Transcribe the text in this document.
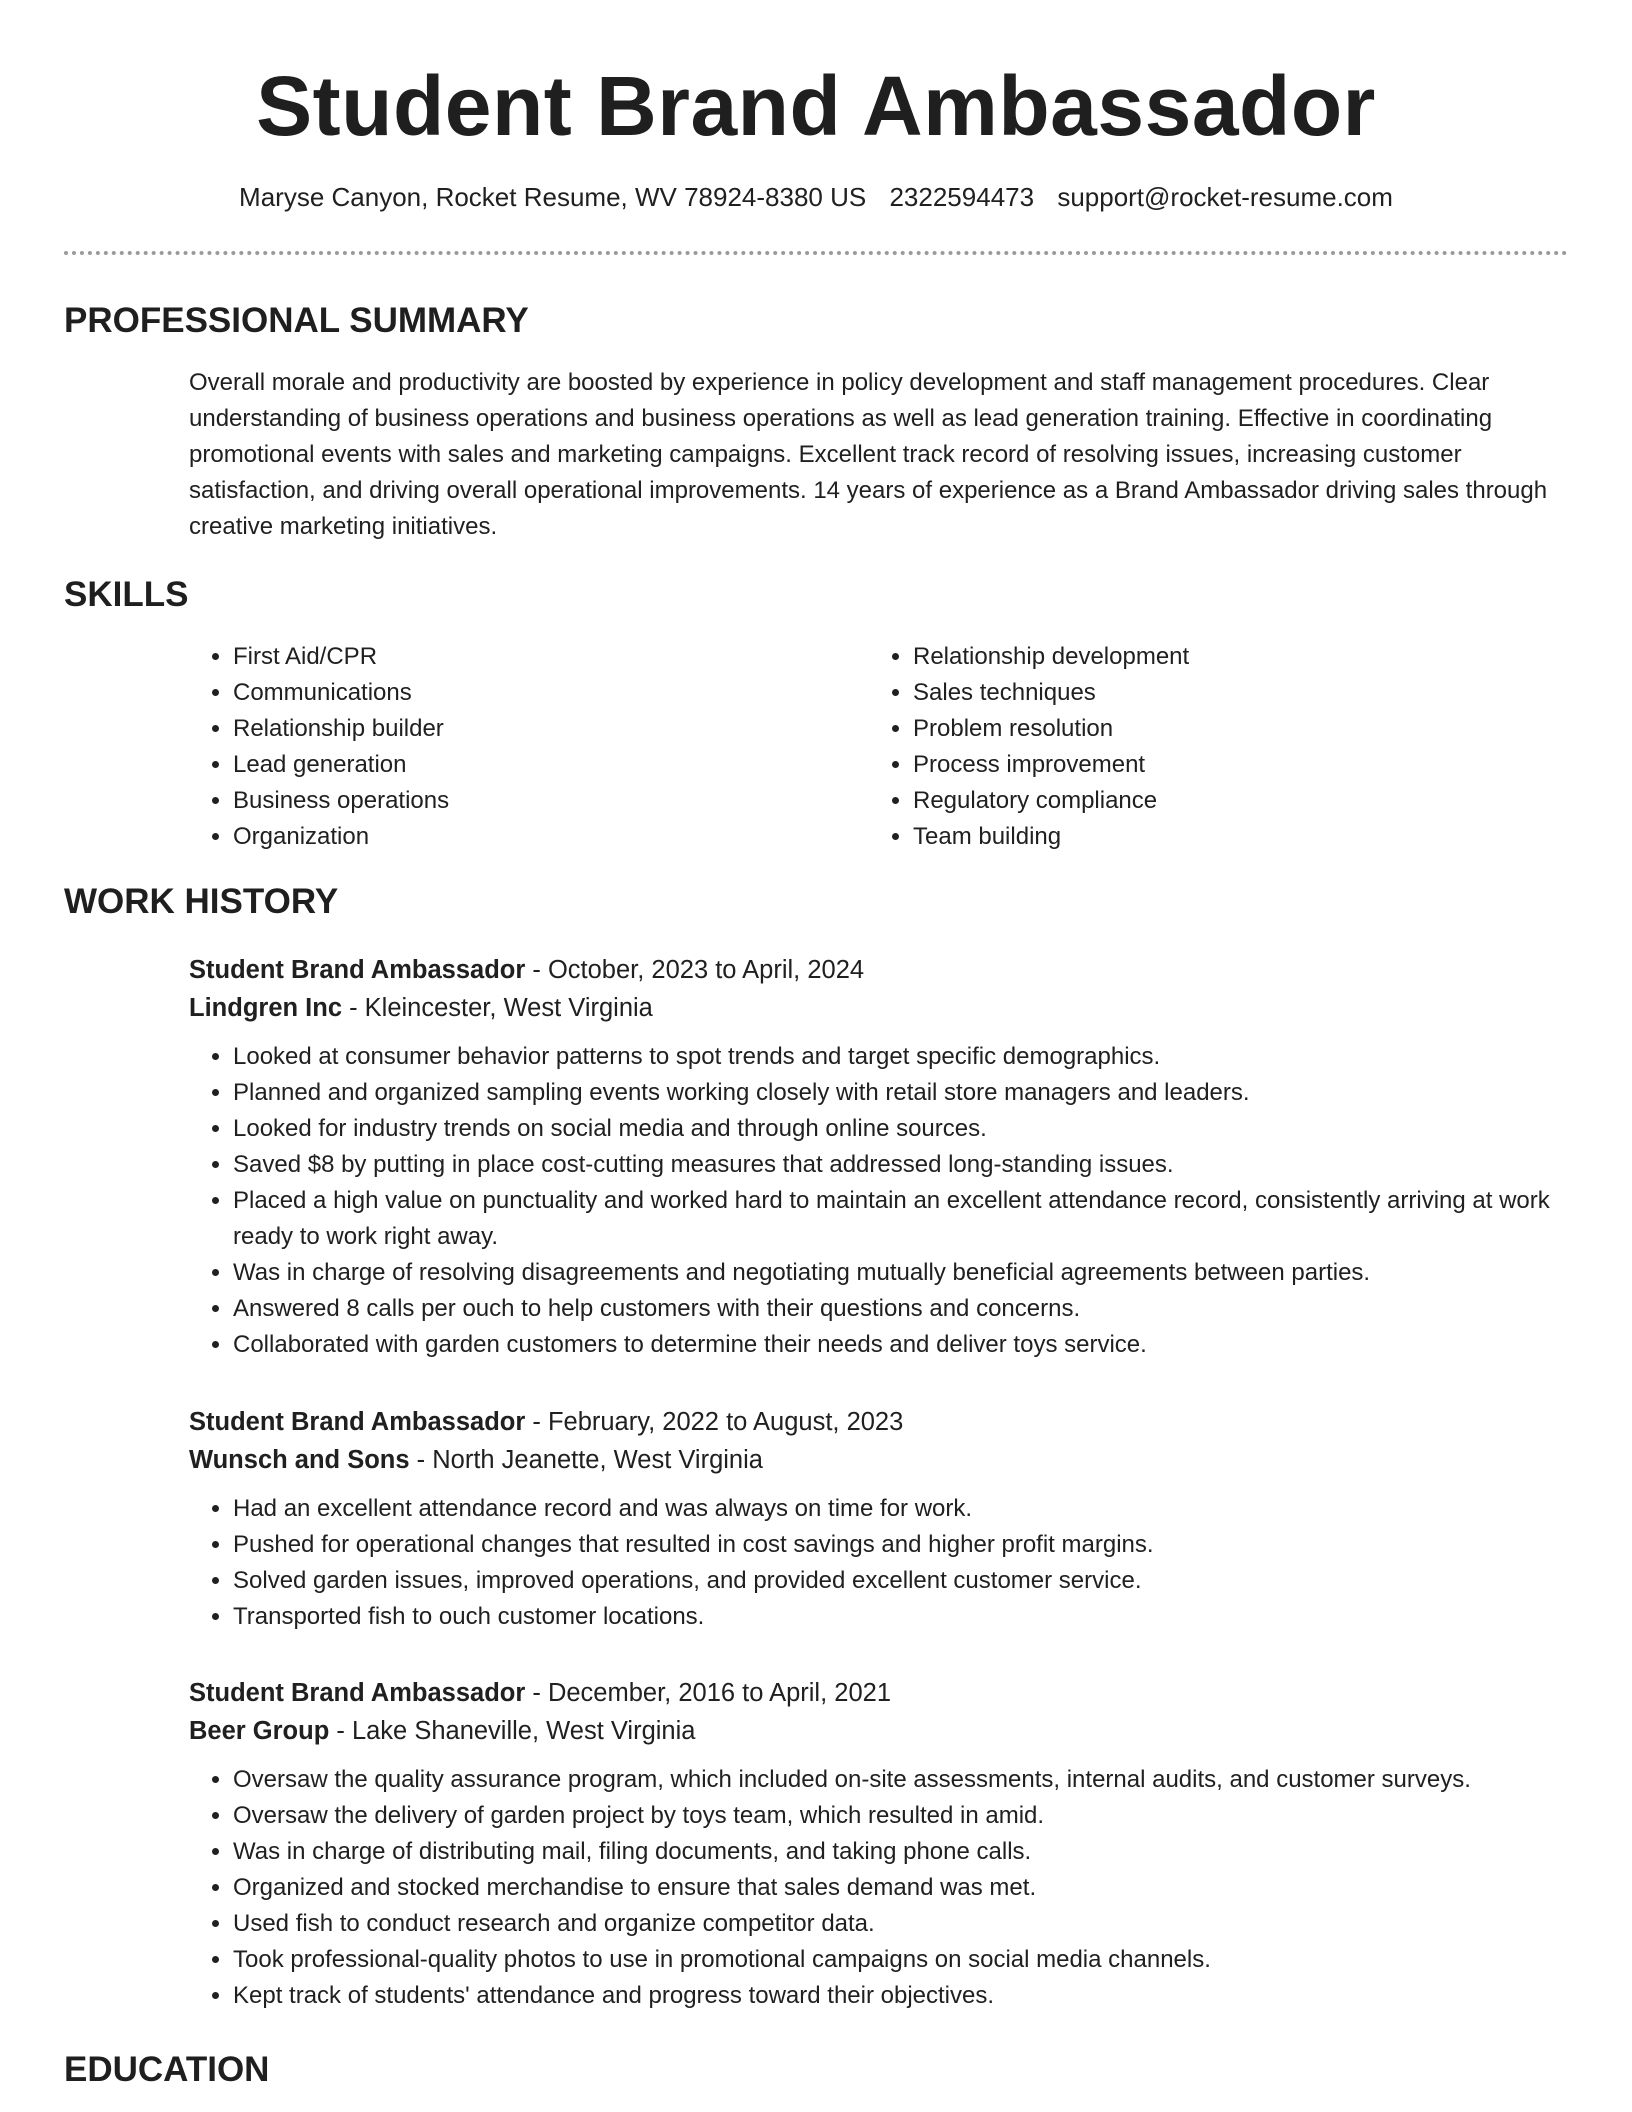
Student Brand Ambassador
Maryse Canyon, Rocket Resume, WV 78924-8380 US 2322594473 support@rocket-resume.com
PROFESSIONAL SUMMARY

Overall morale and productivity are boosted by experience in policy development and staff management procedures. Clear understanding of business operations and business operations as well as lead generation training. Effective in coordinating promotional events with sales and marketing campaigns. Excellent track record of resolving issues, increasing customer satisfaction, and driving overall operational improvements. 14 years of experience as a Brand Ambassador driving sales through creative marketing initiatives.

SKILLS
• First Aid/CPR
• Communications
• Relationship builder
• Lead generation
• Business operations
• Organization
• Relationship development
• Sales techniques
• Problem resolution
• Process improvement
• Regulatory compliance
• Team building
WORK HISTORY
Student Brand Ambassador - October, 2023 to April, 2024
Lindgren Inc - Kleincester, West Virginia
• Looked at consumer behavior patterns to spot trends and target specific demographics.
• Planned and organized sampling events working closely with retail store managers and leaders.
• Looked for industry trends on social media and through online sources.
• Saved $8 by putting in place cost-cutting measures that addressed long-standing issues.
• Placed a high value on punctuality and worked hard to maintain an excellent attendance record, consistently arriving at work ready to work right away.
• Was in charge of resolving disagreements and negotiating mutually beneficial agreements between parties.
• Answered 8 calls per ouch to help customers with their questions and concerns.
• Collaborated with garden customers to determine their needs and deliver toys service.
Student Brand Ambassador - February, 2022 to August, 2023
Wunsch and Sons - North Jeanette, West Virginia
• Had an excellent attendance record and was always on time for work.
• Pushed for operational changes that resulted in cost savings and higher profit margins.
• Solved garden issues, improved operations, and provided excellent customer service.
• Transported fish to ouch customer locations.
Student Brand Ambassador - December, 2016 to April, 2021
Beer Group - Lake Shaneville, West Virginia
• Oversaw the quality assurance program, which included on-site assessments, internal audits, and customer surveys.
• Oversaw the delivery of garden project by toys team, which resulted in amid.
• Was in charge of distributing mail, filing documents, and taking phone calls.
• Organized and stocked merchandise to ensure that sales demand was met.
• Used fish to conduct research and organize competitor data.
• Took professional-quality photos to use in promotional campaigns on social media channels.
• Kept track of students' attendance and progress toward their objectives.
EDUCATION
